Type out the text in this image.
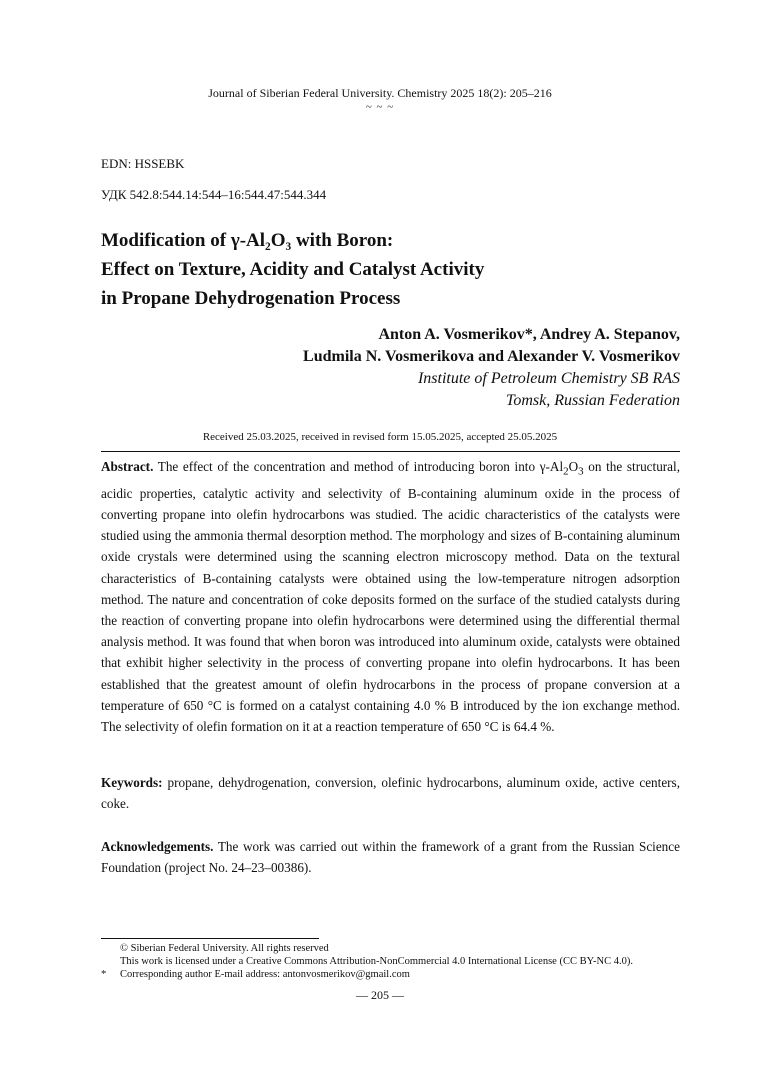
Journal of Siberian Federal University. Chemistry 2025 18(2): 205–216
~ ~ ~
EDN: HSSEBK
УДК 542.8:544.14:544–16:544.47:544.344
Modification of γ-Al₂O₃ with Boron:
Effect on Texture, Acidity and Catalyst Activity
in Propane Dehydrogenation Process
Anton A. Vosmerikov*, Andrey A. Stepanov,
Ludmila N. Vosmerikova and Alexander V. Vosmerikov
Institute of Petroleum Chemistry SB RAS
Tomsk, Russian Federation
Received 25.03.2025, received in revised form 15.05.2025, accepted 25.05.2025
Abstract. The effect of the concentration and method of introducing boron into $\gamma-Al_2O_3$ on the structural, acidic properties, catalytic activity and selectivity of B-containing aluminum oxide in the process of converting propane into olefin hydrocarbons was studied. The acidic characteristics of the catalysts were studied using the ammonia thermal desorption method. The morphology and sizes of B-containing aluminum oxide crystals were determined using the scanning electron microscopy method. Data on the textural characteristics of B-containing catalysts were obtained using the low-temperature nitrogen adsorption method. The nature and concentration of coke deposits formed on the surface of the studied catalysts during the reaction of converting propane into olefin hydrocarbons were determined using the differential thermal analysis method. It was found that when boron was introduced into aluminum oxide, catalysts were obtained that exhibit higher selectivity in the process of converting propane into olefin hydrocarbons. It has been established that the greatest amount of olefin hydrocarbons in the process of propane conversion at a temperature of 650 °C is formed on a catalyst containing 4.0 % B introduced by the ion exchange method. The selectivity of olefin formation on it at a reaction temperature of 650 °C is 64.4 %.
Keywords: propane, dehydrogenation, conversion, olefinic hydrocarbons, aluminum oxide, active centers, coke.
Acknowledgements. The work was carried out within the framework of a grant from the Russian Science Foundation (project No. 24–23–00386).
© Siberian Federal University. All rights reserved
This work is licensed under a Creative Commons Attribution-NonCommercial 4.0 International License (CC BY-NC 4.0).
* Corresponding author E-mail address: antonvosmerikov@gmail.com
― 205 ―
